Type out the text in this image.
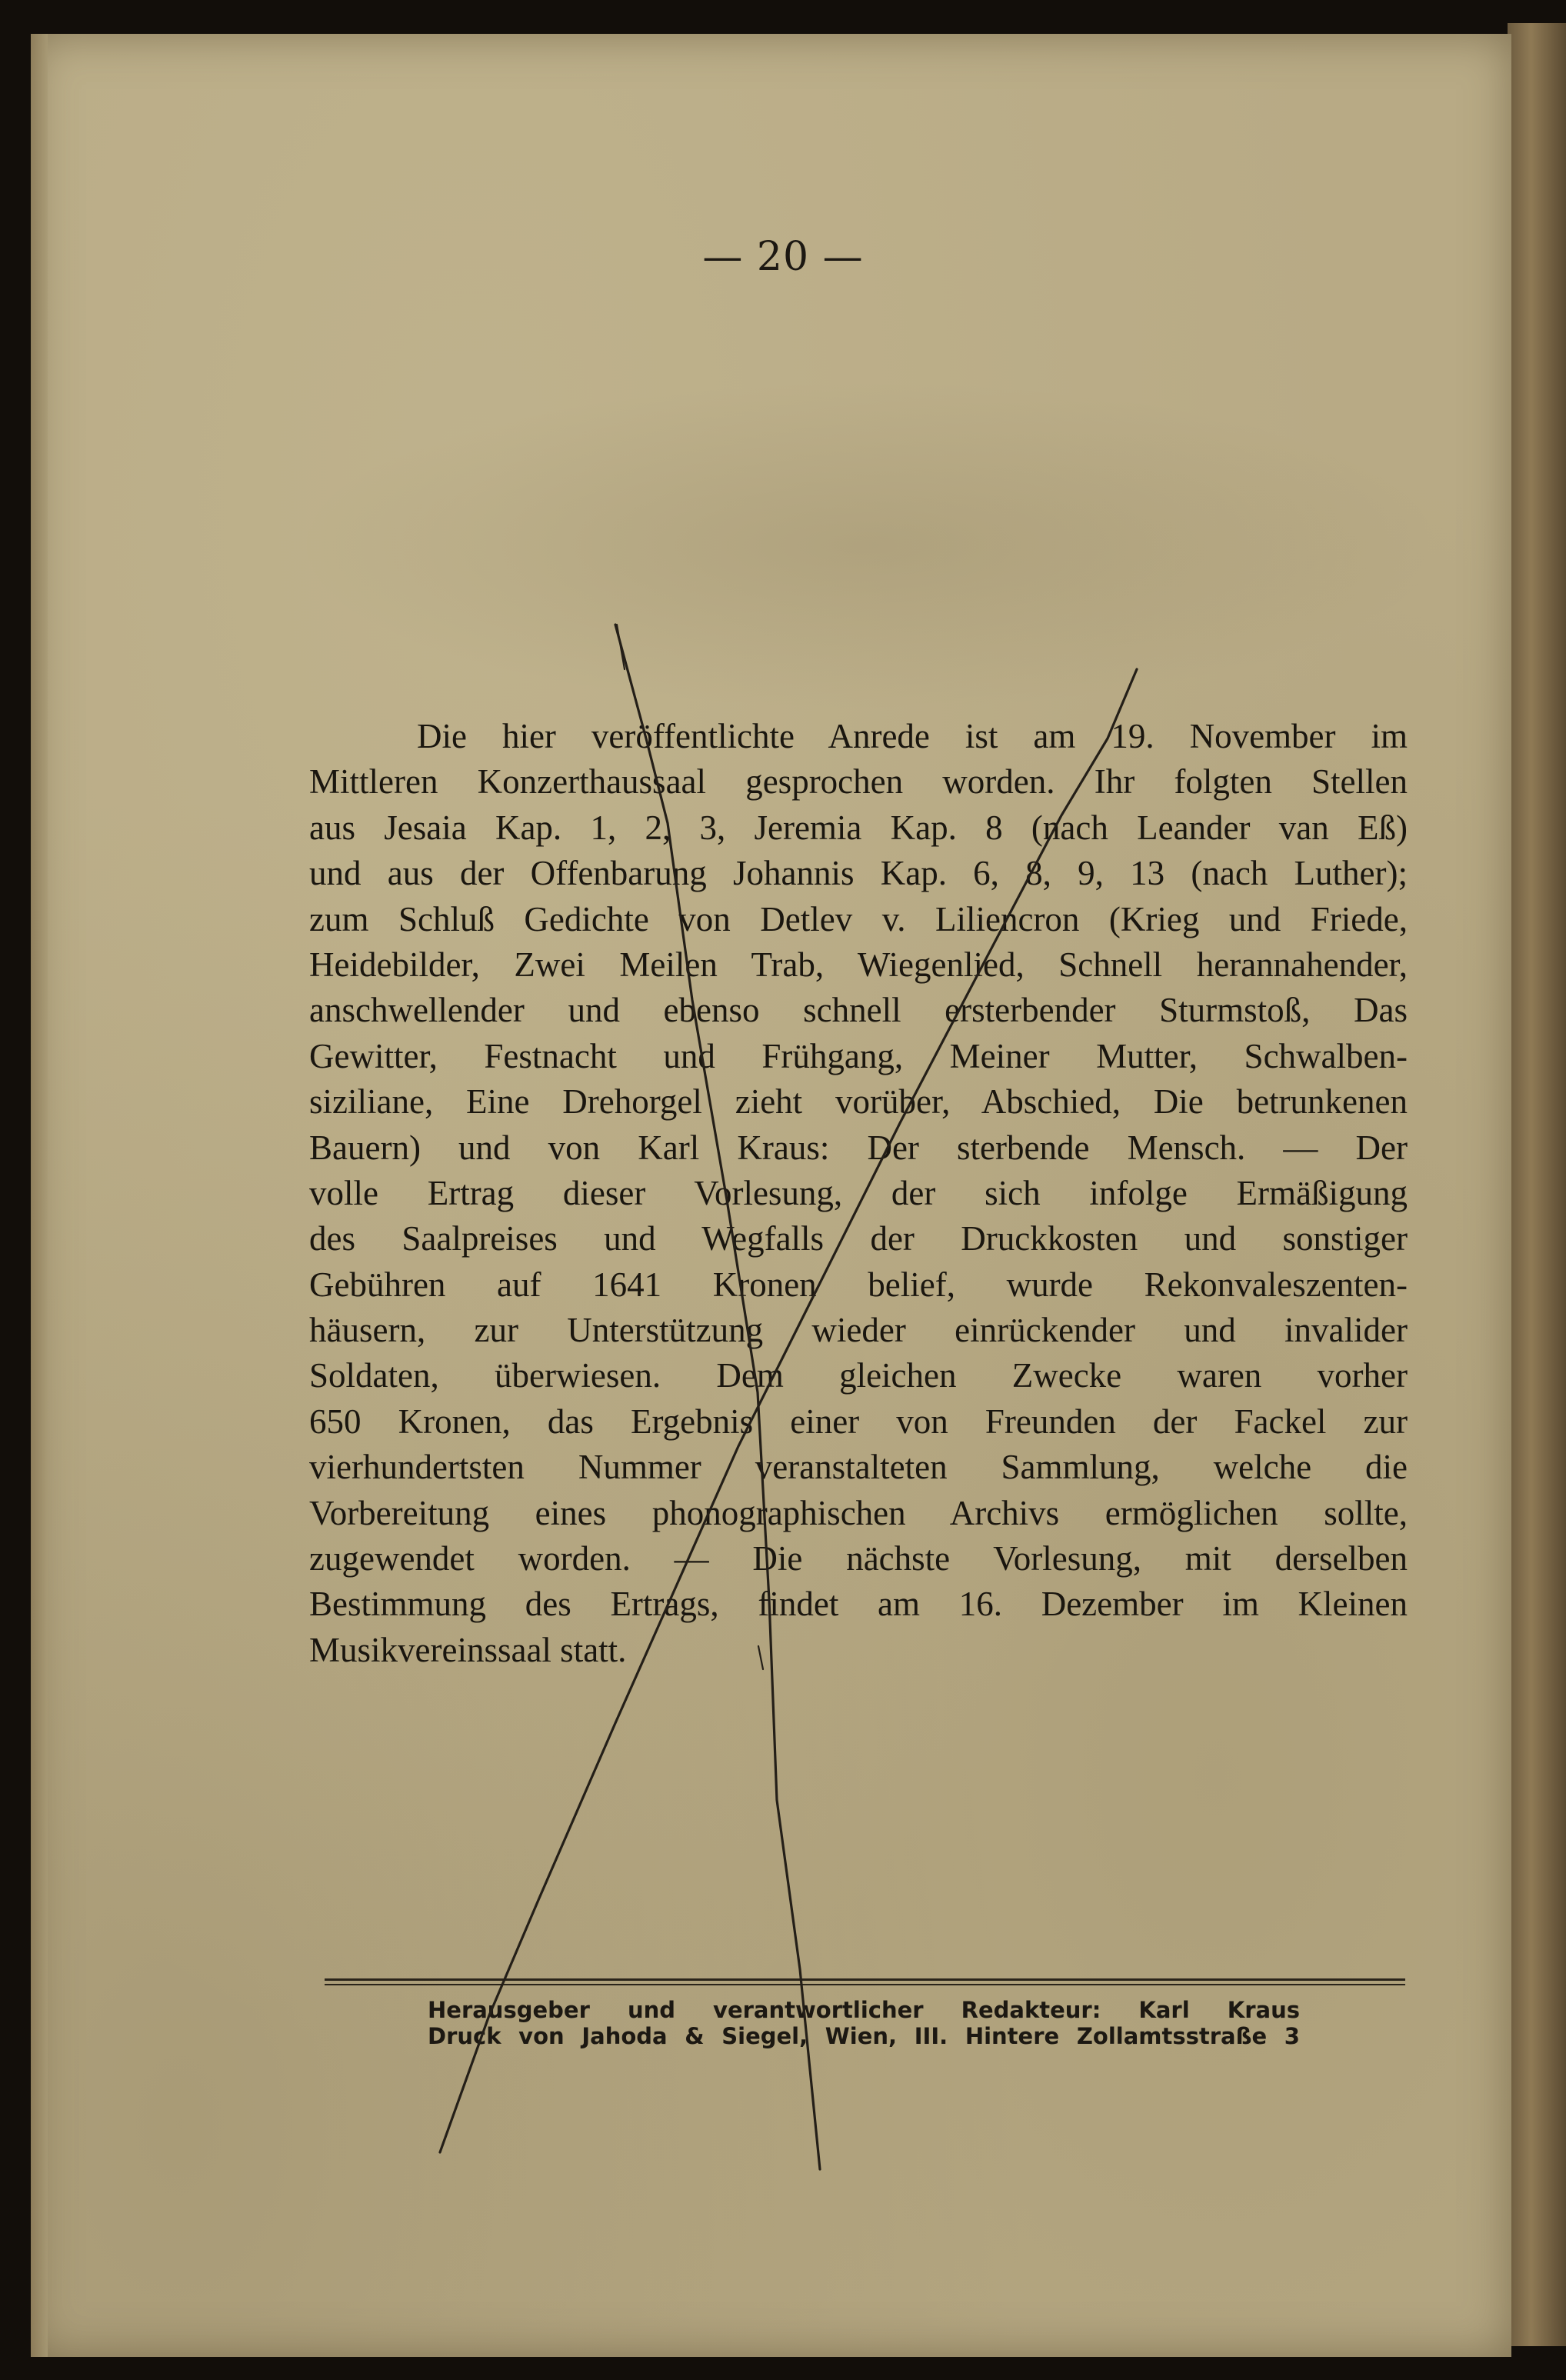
— 20 —
Die hier veröffentlichte Anrede ist am 19. November im
Mittleren Konzerthaussaal gesprochen worden. Ihr folgten Stellen
aus Jesaia Kap. 1, 2, 3, Jeremia Kap. 8 (nach Leander van Eß)
und aus der Offenbarung Johannis Kap. 6, 8, 9, 13 (nach Luther);
zum Schluß Gedichte von Detlev v. Liliencron (Krieg und Friede,
Heidebilder, Zwei Meilen Trab, Wiegenlied, Schnell herannahender,
anschwellender und ebenso schnell ersterbender Sturmstoß, Das
Gewitter, Festnacht und Frühgang, Meiner Mutter, Schwalben-
siziliane, Eine Drehorgel zieht vorüber, Abschied, Die betrunkenen
Bauern) und von Karl Kraus: Der sterbende Mensch. — Der
volle Ertrag dieser Vorlesung, der sich infolge Ermäßigung
des Saalpreises und Wegfalls der Druckkosten und sonstiger
Gebühren auf 1641 Kronen belief, wurde Rekonvaleszenten-
häusern, zur Unterstützung wieder einrückender und invalider
Soldaten, überwiesen. Dem gleichen Zwecke waren vorher
650 Kronen, das Ergebnis einer von Freunden der Fackel zur
vierhundertsten Nummer veranstalteten Sammlung, welche die
Vorbereitung eines phonographischen Archivs ermöglichen sollte,
zugewendet worden. — Die nächste Vorlesung, mit derselben
Bestimmung des Ertrags, findet am 16. Dezember im Kleinen
Musikvereinssaal statt.
Herausgeber und verantwortlicher Redakteur: Karl Kraus
Druck von Jahoda & Siegel, Wien, III. Hintere Zollamtsstraße 3
